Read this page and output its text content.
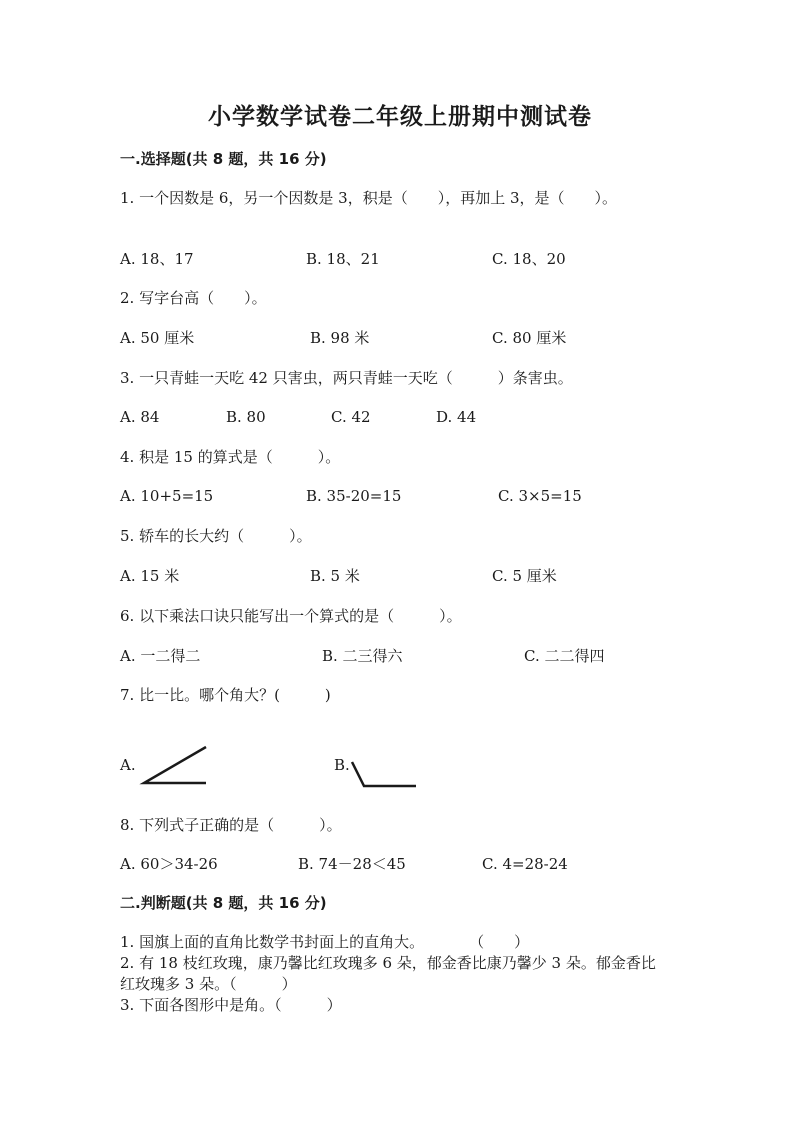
小学数学试卷二年级上册期中测试卷
一.选择题(共 8 题，共 16 分)
1. 一个因数是 6，另一个因数是 3，积是（　　），再加上 3，是（　　）。
A. 18、17	B. 18、21	C. 18、20
2. 写字台高（　　）。
A. 50 厘米	B. 98 米	C. 80 厘米
3. 一只青蛙一天吃 42 只害虫，两只青蛙一天吃（　　　）条害虫。
A. 84	B. 80	C. 42	D. 44
4. 积是 15 的算式是（　　　）。
A. 10+5=15	B. 35-20=15	C. 3×5=15
5. 轿车的长大约（　　　）。
A. 15 米	B. 5 米	C. 5 厘米
6. 以下乘法口诀只能写出一个算式的是（　　　）。
A. 一二得二	B. 二三得六	C. 二二得四
7. 比一比。哪个角大？(　　　)
A.	B.
8. 下列式子正确的是（　　　）。
A. 60＞34-26	B. 74－28＜45	C. 4=28-24
二.判断题(共 8 题，共 16 分)
1. 国旗上面的直角比数学书封面上的直角大。　　　　（　　）
2. 有 18 枝红玫瑰，康乃馨比红玫瑰多 6 朵，郁金香比康乃馨少 3 朵。郁金香比
红玫瑰多 3 朵。（　　　）
3. 下面各图形中是角。（　　　）
